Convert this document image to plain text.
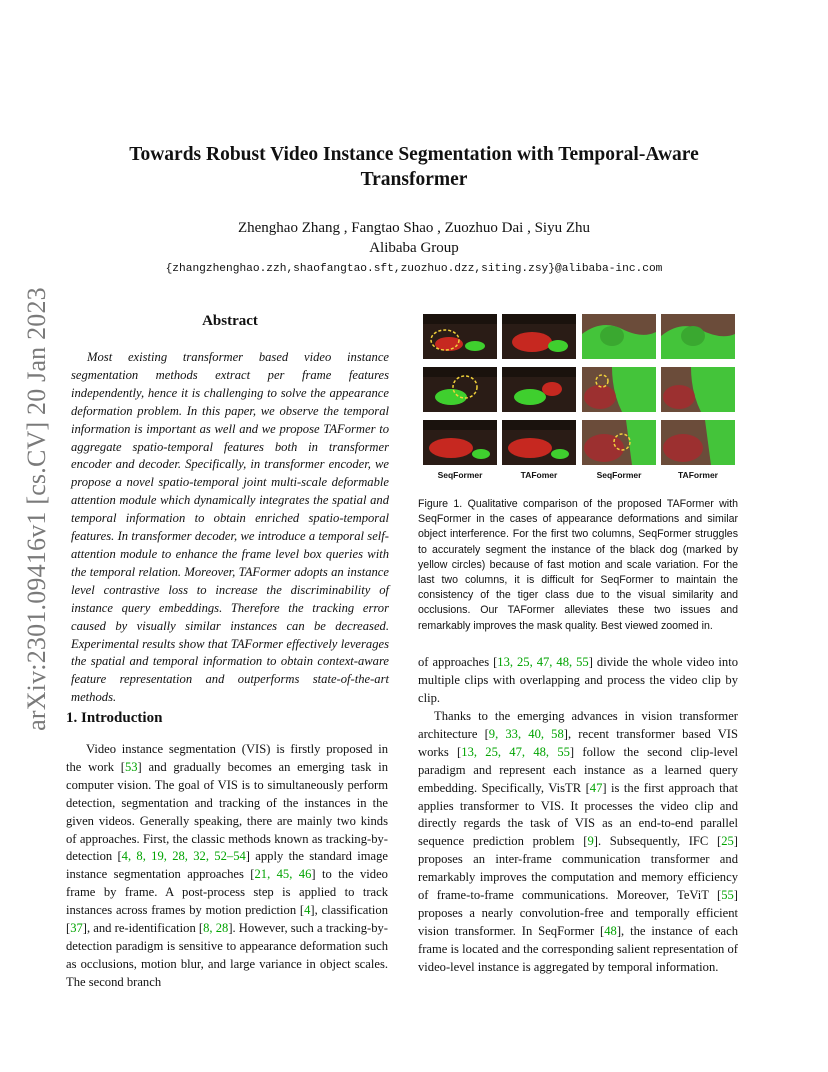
Towards Robust Video Instance Segmentation with Temporal-Aware Transformer
Zhenghao Zhang , Fangtao Shao , Zuozhuo Dai , Siyu Zhu
Alibaba Group
{zhangzhenghao.zzh,shaofangtao.sft,zuozhuo.dzz,siting.zsy}@alibaba-inc.com
arXiv:2301.09416v1 [cs.CV] 20 Jan 2023	Abstract
Most existing transformer based video instance segmentation methods extract per frame features independently, hence it is challenging to solve the appearance deformation problem. In this paper, we observe the temporal information is important as well and we propose TAFormer to aggregate spatio-temporal features both in transformer encoder and decoder. Specifically, in transformer encoder, we propose a novel spatio-temporal joint multi-scale deformable attention module which dynamically integrates the spatial and temporal information to obtain enriched spatio-temporal features. In transformer decoder, we introduce a temporal self-attention module to enhance the frame level box queries with the temporal relation. Moreover, TAFormer adopts an instance level contrastive loss to increase the discriminability of instance query embeddings. Therefore the tracking error caused by visually similar instances can be decreased. Experimental results show that TAFormer effectively leverages the spatial and temporal information to obtain context-aware feature representation and outperforms state-of-the-art methods.
1. Introduction
Video instance segmentation (VIS) is firstly proposed in the work [53] and gradually becomes an emerging task in computer vision. The goal of VIS is to simultaneously perform detection, segmentation and tracking of the instances in the given videos. Generally speaking, there are mainly two kinds of approaches. First, the classic methods known as tracking-by-detection [4, 8, 19, 28, 32, 52–54] apply the standard image instance segmentation approaches [21, 45, 46] to the video frame by frame. A post-process step is applied to track instances across frames by motion prediction [4], classification [37], and re-identification [8, 28]. However, such a tracking-by-detection paradigm is sensitive to appearance deformation such as occlusions, motion blur, and large variance in object scales. The second branch
SeqFormer	TAFomer	SeqFormer	TAFormer
Figure 1. Qualitative comparison of the proposed TAFormer with SeqFormer in the cases of appearance deformations and similar object interference. For the first two columns, SeqFormer struggles to accurately segment the instance of the black dog (marked by yellow circles) because of fast motion and scale variation. For the last two columns, it is difficult for SeqFormer to maintain the consistency of the tiger class due to the visual similarity and occlusions. Our TAFormer alleviates these two issues and remarkably improves the mask quality. Best viewed zoomed in.
of approaches [13, 25, 47, 48, 55] divide the whole video into multiple clips with overlapping and process the video clip by clip.
Thanks to the emerging advances in vision transformer architecture [9, 33, 40, 58], recent transformer based VIS works [13, 25, 47, 48, 55] follow the second clip-level paradigm and represent each instance as a learned query embedding. Specifically, VisTR [47] is the first approach that applies transformer to VIS. It processes the video clip and directly regards the task of VIS as an end-to-end parallel sequence prediction problem [9]. Subsequently, IFC [25] proposes an inter-frame communication transformer and remarkably improves the computation and memory efficiency of frame-to-frame communications. Moreover, TeViT [55] proposes a nearly convolution-free and temporally efficient vision transformer. In SeqFormer [48], the instance of each frame is located and the corresponding salient representation of video-level instance is aggregated by temporal information.
